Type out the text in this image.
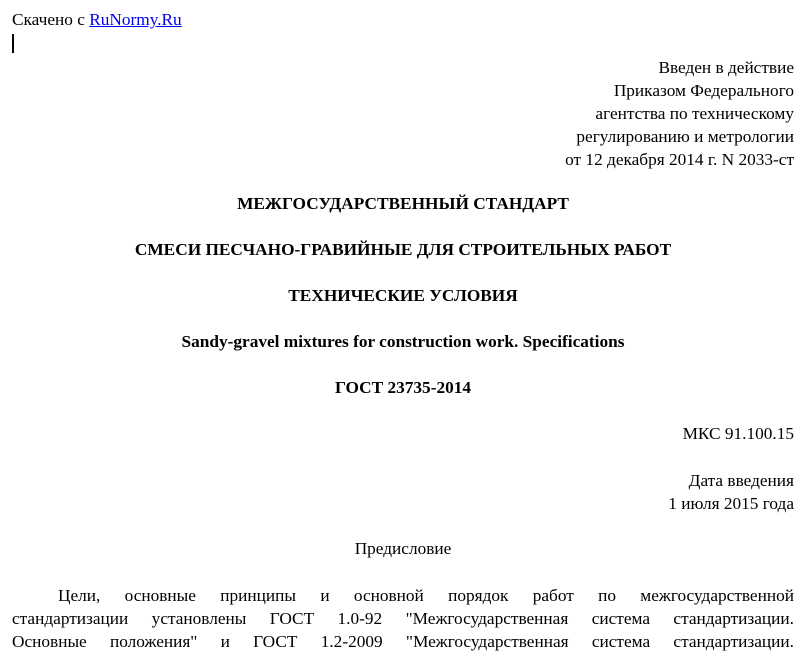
Скачено с RuNormy.Ru
Введен в действие
Приказом Федерального
агентства по техническому
регулированию и метрологии
от 12 декабря 2014 г. N 2033-ст
МЕЖГОСУДАРСТВЕННЫЙ СТАНДАРТ
СМЕСИ ПЕСЧАНО-ГРАВИЙНЫЕ ДЛЯ СТРОИТЕЛЬНЫХ РАБОТ
ТЕХНИЧЕСКИЕ УСЛОВИЯ
Sandy-gravel mixtures for construction work. Specifications
ГОСТ 23735-2014
МКС 91.100.15
Дата введения
1 июля 2015 года
Предисловие
Цели, основные принципы и основной порядок работ по межгосударственной
стандартизации установлены ГОСТ 1.0-92 "Межгосударственная система стандартизации.
Основные положения" и ГОСТ 1.2-2009 "Межгосударственная система стандартизации.
